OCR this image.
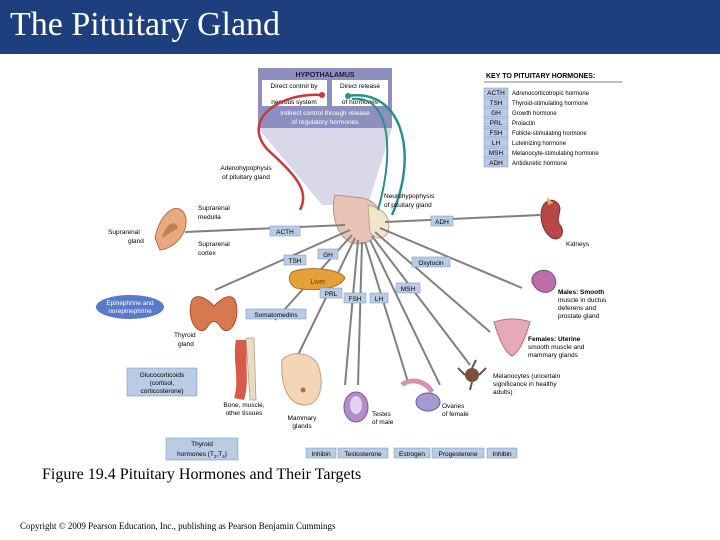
The Pituitary Gland
HYPOTHALAMUS
Direct control by
nervous system
Direct release
of hormones
Indirect control through release
of regulatory hormones
KEY TO PITUITARY HORMONES:
ACTH Adrenocorticotropic hormone
TSH Thyroid-stimulating hormone
GH Growth hormone
PRL Prolactin
FSH Follicle-stimulating hormone
LH Luteinizing hormone
MSH Melanocyte-stimulating hormone
ADH Antidiuretic hormone
ACTH
TSH
GH
PRL
FSH LH
MSH
ADH
Oxytocin
Somatomedins
Liver
Epinephrine and
norepinephrine
Glucocorticoids
(cortisol,
corticosterone)
Thyroid
hormones $(T_3,T_4)$	Inhibin Testosterone	Estrogen Progesterone Inhibin
Adenohypophysis
of pituitary gland
Neurohypophysis
of pituitary gland
Suprarenal
medulla
Suprarenal
gland	Suprarenal
cortex
Thyroid
gland
Kidneys
Males: Smooth
muscle in ductus
deferens and
prostate gland
Females: Uterine
smooth muscle and
mammary glands
Melanocytes (uncertain
significance in healthy
adults)
Bone, muscle,
other tissues
Mammary
glands
Testes
of male
Ovaries
of female
Figure 19.4 Pituitary Hormones and Their Targets
Copyright © 2009 Pearson Education, Inc., publishing as Pearson Benjamin Cummings
